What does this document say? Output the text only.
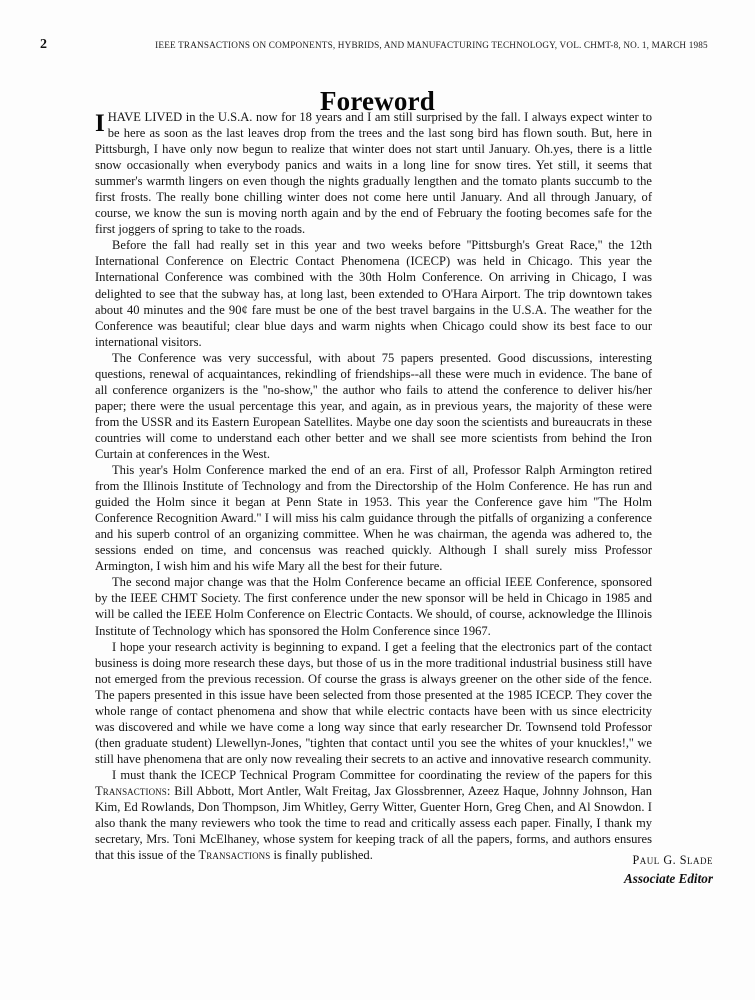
2	IEEE TRANSACTIONS ON COMPONENTS, HYBRIDS, AND MANUFACTURING TECHNOLOGY, VOL. CHMT-8, NO. 1, MARCH 1985
Foreword

IHAVE LIVED in the U.S.A. now for 18 years and I am still surprised by the fall. I always expect winter to be here as soon as the last leaves drop from the trees and the last song bird has flown south. But, here in Pittsburgh, I have only now begun to realize that winter does not start until January. Oh.yes, there is a little snow occasionally when everybody panics and waits in a long line for snow tires. Yet still, it seems that summer's warmth lingers on even though the nights gradually lengthen and the tomato plants succumb to the first frosts. The really bone chilling winter does not come here until January. And all through January, of course, we know the sun is moving north again and by the end of February the footing becomes safe for the first joggers of spring to take to the roads.

Before the fall had really set in this year and two weeks before ''Pittsburgh's Great Race,'' the 12th International Conference on Electric Contact Phenomena (ICECP) was held in Chicago. This year the International Conference was combined with the 30th Holm Conference. On arriving in Chicago, I was delighted to see that the subway has, at long last, been extended to O'Hara Airport. The trip downtown takes about 40 minutes and the 90¢ fare must be one of the best travel bargains in the U.S.A. The weather for the Conference was beautiful; clear blue days and warm nights when Chicago could show its best face to our international visitors.

The Conference was very successful, with about 75 papers presented. Good discussions, interesting questions, renewal of acquaintances, rekindling of friendships--all these were much in evidence. The bane of all conference organizers is the ''no-show,'' the author who fails to attend the conference to deliver his/her paper; there were the usual percentage this year, and again, as in previous years, the majority of these were from the USSR and its Eastern European Satellites. Maybe one day soon the scientists and bureaucrats in these countries will come to understand each other better and we shall see more scientists from behind the Iron Curtain at conferences in the West.

This year's Holm Conference marked the end of an era. First of all, Professor Ralph Armington retired from the Illinois Institute of Technology and from the Directorship of the Holm Conference. He has run and guided the Holm since it began at Penn State in 1953. This year the Conference gave him ''The Holm Conference Recognition Award.'' I will miss his calm guidance through the pitfalls of organizing a conference and his superb control of an organizing committee. When he was chairman, the agenda was adhered to, the sessions ended on time, and concensus was reached quickly. Although I shall surely miss Professor Armington, I wish him and his wife Mary all the best for their future.

The second major change was that the Holm Conference became an official IEEE Conference, sponsored by the IEEE CHMT Society. The first conference under the new sponsor will be held in Chicago in 1985 and will be called the IEEE Holm Conference on Electric Contacts. We should, of course, acknowledge the Illinois Institute of Technology which has sponsored the Holm Conference since 1967.

I hope your research activity is beginning to expand. I get a feeling that the electronics part of the contact business is doing more research these days, but those of us in the more traditional industrial business still have not emerged from the previous recession. Of course the grass is always greener on the other side of the fence. The papers presented in this issue have been selected from those presented at the 1985 ICECP. They cover the whole range of contact phenomena and show that while electric contacts have been with us since electricity was discovered and while we have come a long way since that early researcher Dr. Townsend told Professor (then graduate student) Llewellyn-Jones, ''tighten that contact until you see the whites of your knuckles!,'' we still have phenomena that are only now revealing their secrets to an active and innovative research community.

I must thank the ICECP Technical Program Committee for coordinating the review of the papers for this Transactions: Bill Abbott, Mort Antler, Walt Freitag, Jax Glossbrenner, Azeez Haque, Johnny Johnson, Han Kim, Ed Rowlands, Don Thompson, Jim Whitley, Gerry Witter, Guenter Horn, Greg Chen, and Al Snowdon. I also thank the many reviewers who took the time to read and critically assess each paper. Finally, I thank my secretary, Mrs. Toni McElhaney, whose system for keeping track of all the papers, forms, and authors ensures that this issue of the Transactions is finally published.	Paul G. Slade
Associate Editor
